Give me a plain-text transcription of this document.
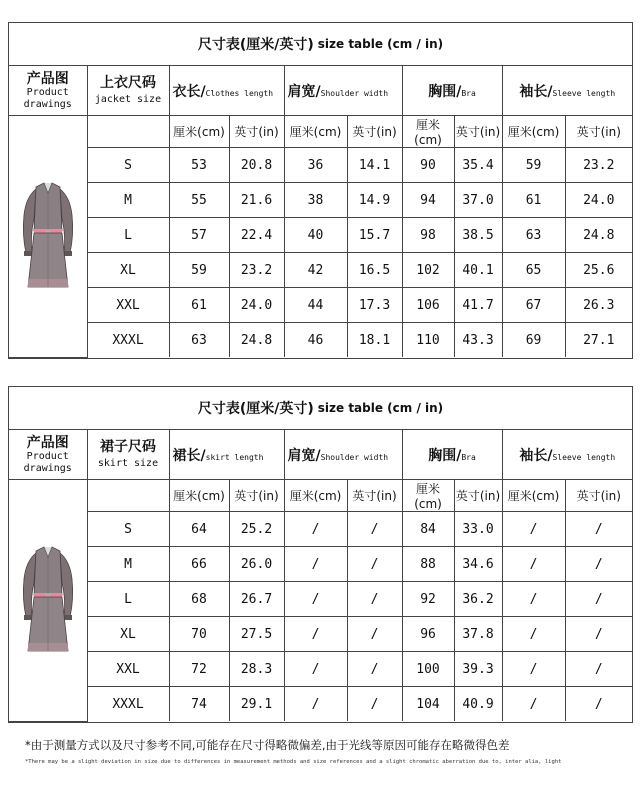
尺寸表(厘米/英寸) size table (cm / in)
产品图
Product
drawings	上衣尺码
jacket size	衣长/Clothes length		肩宽/Shoulder width		胸围/Bra		袖长/Sleeve length	
		厘米(cm)	英寸(in)	厘米(cm)	英寸(in)	厘米(cm)	英寸(in)	厘米(cm)	英寸(in)
	S	53	20.8	36	14.1	90	35.4	59	23.2
	M	55	21.6	38	14.9	94	37.0	61	24.0
	L	57	22.4	40	15.7	98	38.5	63	24.8
	XL	59	23.2	42	16.5	102	40.1	65	25.6
	XXL	61	24.0	44	17.3	106	41.7	67	26.3
	XXXL	63	24.8	46	18.1	110	43.3	69	27.1
尺寸表(厘米/英寸) size table (cm / in)
产品图
Product
drawings	裙子尺码
skirt size	裙长/skirt length		肩宽/Shoulder width		胸围/Bra		袖长/Sleeve length	
		厘米(cm)	英寸(in)	厘米(cm)	英寸(in)	厘米(cm)	英寸(in)	厘米(cm)	英寸(in)
	S	64	25.2	/	/	84	33.0	/	/
	M	66	26.0	/	/	88	34.6	/	/
	L	68	26.7	/	/	92	36.2	/	/
	XL	70	27.5	/	/	96	37.8	/	/
	XXL	72	28.3	/	/	100	39.3	/	/
	XXXL	74	29.1	/	/	104	40.9	/	/
*由于测量方式以及尺寸参考不同,可能存在尺寸得略微偏差,由于光线等原因可能存在略微得色差
*There may be a slight deviation in size due to differences in measurement methods and size references and a slight chromatic aberration due to, inter alia, light
